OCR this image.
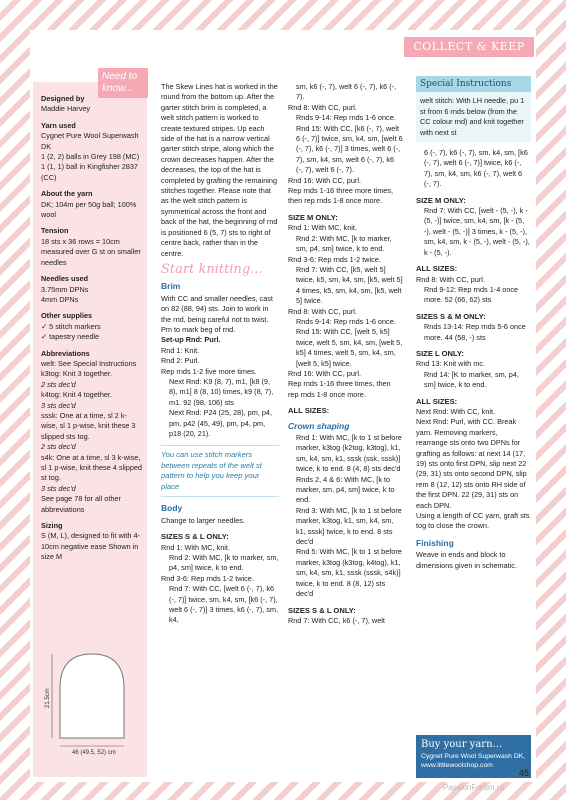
COLLECT & KEEP
Designed by
Maddie Harvey
Yarn used
Cygnet Pure Wool Superwash DK
1 (2, 2) balls in Grey 198 (MC)
1 (1, 1) ball in Kingfisher 2837 (CC)
About the yarn
DK; 104m per 50g ball; 100% wool
Tension
18 sts x 36 rows = 10cm measured over G st on smaller needles
Needles used
3.75mm DPNs
4mm DPNs
Other supplies
✓ 5 stitch markers
✓ tapestry needle
Abbreviations
welt: See Special Instructions
k3tog: Knit 3 together.
2 sts dec'd
k4tog: Knit 4 together.
3 sts dec'd
sssk: One at a time, sl 2 k-wise, sl 1 p-wise, knit these 3 slipped sts tog.
2 sts dec'd
s4k: One at a time, sl 3 k-wise, sl 1 p-wise, knit these 4 slipped st tog.
3 sts dec'd
See page 78 for all other abbreviations
Sizing
S (M, L), designed to fit with 4-10cm negative ease Shown in size M
Need to know...
21.5cm
46 (49.5, 52) cm
The Skew Lines hat is worked in the round from the bottom up. After the garter stitch brim is completed, a welt stitch pattern is worked to create textured stripes. Up each side of the hat is a narrow vertical garter stitch stripe, along which the crown decreases happen. After the decreases, the top of the hat is completed by grafting the remaining stitches together. Please note that as the welt stitch pattern is symmetrical across the front and back of the hat, the beginning of rnd is positioned 6 (5, 7) sts to right of centre back, rather than in the centre.
Start knitting...
Brim
With CC and smaller needles, cast on 82 (88, 94) sts. Join to work in the rnd, being careful not to twist. Pm to mark beg of rnd.
Set-up Rnd: Purl.
Rnd 1: Knit.
Rnd 2: Purl.
Rep rnds 1-2 five more times.
Next Rnd: K9 (8, 7), m1, [k8 (9, 8), m1] 8 (8, 10) times, k9 (8, 7), m1. 92 (98, 106) sts
Next Rnd: P24 (25, 28), pm, p4, pm, p42 (45, 49), pm, p4, pm, p18 (20, 21).
You can use stitch markers between repeats of the welt st pattern to help you keep your place
Body
Change to larger needles.
SIZES S & L ONLY:
Rnd 1: With MC, knit.
Rnd 2: With MC, [k to marker, sm, p4, sm] twice, k to end.
Rnd 3-6: Rep rnds 1-2 twice.
Rnd 7: With CC, [welt 6 (-, 7), k6 (-, 7)] twice, sm, k4, sm, [k6 (-, 7), welt 6 (-, 7)] 3 times, k6 (-, 7), sm, k4,
sm, k6 (-, 7), welt 6 (-, 7), k6 (-, 7).
Rnd 8: With CC, purl.
Rnds 9-14: Rep rnds 1-6 once.
Rnd 15: With CC, [k6 (-, 7), welt 6 (-, 7)] twice, sm, k4, sm, [welt 6 (-, 7), k6 (-, 7)] 3 times, welt 6 (-, 7), sm, k4, sm, welt 6 (-, 7), k6 (-, 7), welt 6 (-, 7).
Rnd 16: With CC, purl.
Rep rnds 1-16 three more times, then rep rnds 1-8 once more.
SIZE M ONLY:
Rnd 1: With MC, knit.
Rnd 2: With MC, [k to marker, sm, p4, sm] twice, k to end.
Rnd 3-6: Rep rnds 1-2 twice.
Rnd 7: With CC, [k5, welt 5] twice, k5, sm, k4, sm, [k5, welt 5] 4 times, k5, sm, k4, sm, [k5, welt 5] twice.
Rnd 8: With CC, purl.
Rnds 9-14: Rep rnds 1-6 once.
Rnd 15: With CC, [welt 5, k5] twice, welt 5, sm, k4, sm, [welt 5, k5] 4 times, welt 5, sm, k4, sm, [welt 5, k5] twice.
Rnd 16: With CC, purl.
Rep rnds 1-16 three times, then rep rnds 1-8 once more.
ALL SIZES:
Crown shaping
Rnd 1: With MC, [k to 1 st before marker, k3tog (k2tog, k3tog), k1, sm, k4, sm, k1, sssk (ssk, sssk)] twice, k to end. 8 (4, 8) sts dec'd
Rnds 2, 4 & 6: With MC, [k to marker, sm, p4, sm] twice, k to end.
Rnd 3: With MC, [k to 1 st before marker, k3tog, k1, sm, k4, sm, k1, sssk] twice, k to end. 8 sts dec'd
Rnd 5: With MC, [k to 1 st before marker, k3tog (k3tog, k4tog), k1, sm, k4, sm, k1, sssk (sssk, s4k)] twice, k to end. 8 (8, 12) sts dec'd
SIZES S & L ONLY:
Rnd 7: With CC, k6 (-, 7), welt
Special Instructions
welt stitch: With LH needle, pu 1 st from 6 rnds below (from the CC colour rnd) and knit together with next st
6 (-, 7), k6 (-, 7), sm, k4, sm, [k6 (-, 7), welt 6 (-, 7)] twice, k6 (-, 7), sm, k4, sm, k6 (-, 7), welt 6 (-, 7).
SIZE M ONLY:
Rnd 7: With CC, [welt - (5, -), k - (5, -)] twice, sm, k4, sm, [k - (5, -), welt - (5, -)] 3 times, k - (5, -), sm, k4, sm, k - (5, -), welt - (5, -), k - (5, -).
ALL SIZES:
Rnd 8: With CC, purl.
Rnd 9-12: Rep rnds 1-4 once more. 52 (66, 62) sts
SIZES S & M ONLY:
Rnds 13-14: Rep rnds 5-6 once more. 44 (58, -) sts
SIZE L ONLY:
Rnd 13: Knit with mc.
Rnd 14: [K to marker, sm, p4, sm] twice, k to end.
ALL SIZES:
Next Rnd: With CC, knit.
Next Rnd: Purl, with CC. Break yarn. Removing markers, rearrange sts onto two DPNs for grafting as follows: at next 14 (17, 19) sts onto first DPN, slip next 22 (29, 31) sts onto second DPN, slip rem 8 (12, 12) sts onto RH side of the first DPN. 22 (29, 31) sts on each DPN.
Using a length of CC yarn, graft sts tog to close the crown.
Finishing
Weave in ends and block to dimensions given in schematic.
Buy your yarn...

Cygnet Pure Wool Superwash DK, www.littlewoolshop.com

45
PassionForum.ru
